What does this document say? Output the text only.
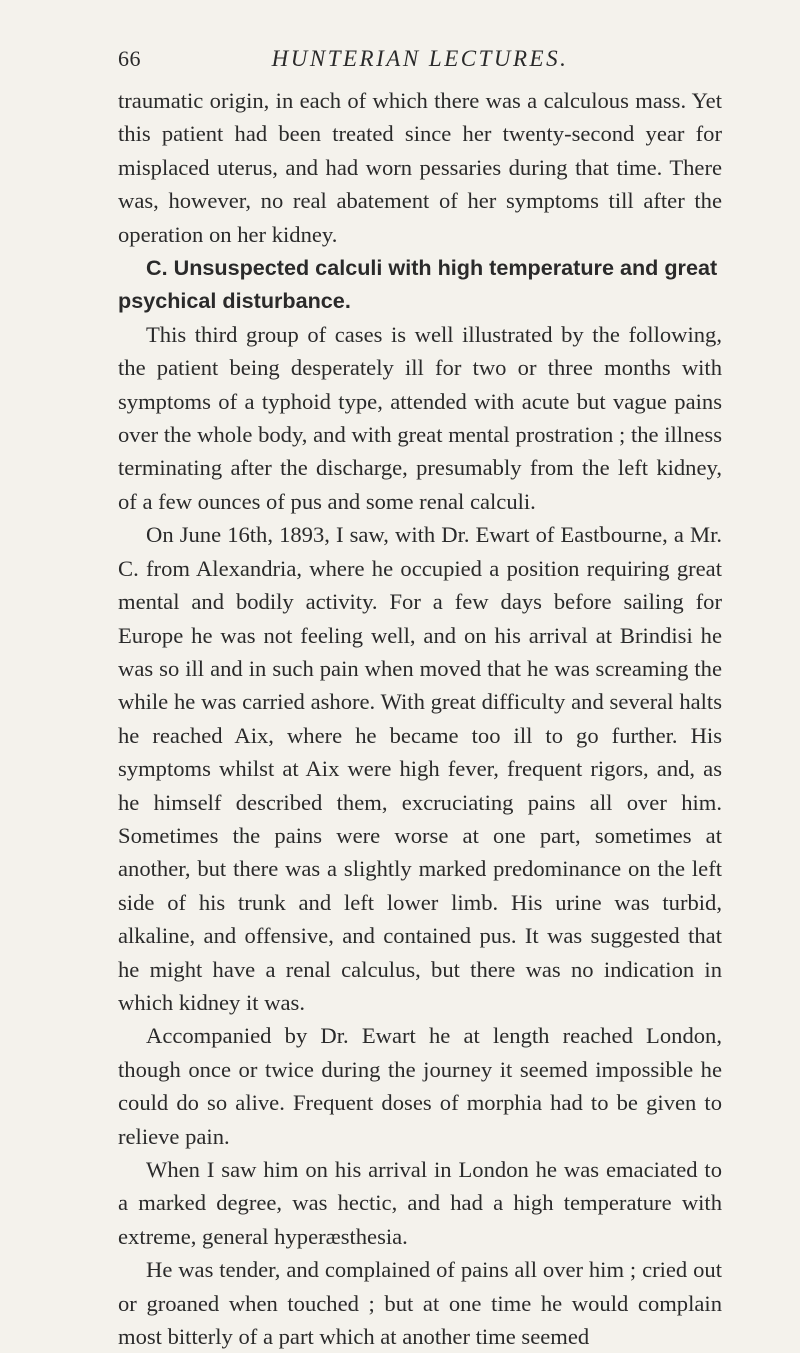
66	HUNTERIAN LECTURES.

traumatic origin, in each of which there was a calculous mass. Yet this patient had been treated since her twenty-second year for misplaced uterus, and had worn pessaries during that time. There was, however, no real abatement of her symptoms till after the operation on her kidney.

C. Unsuspected calculi with high temperature and great psychical disturbance.

This third group of cases is well illustrated by the following, the patient being desperately ill for two or three months with symptoms of a typhoid type, attended with acute but vague pains over the whole body, and with great mental prostration ; the illness terminating after the discharge, presumably from the left kidney, of a few ounces of pus and some renal calculi.

On June 16th, 1893, I saw, with Dr. Ewart of Eastbourne, a Mr. C. from Alexandria, where he occupied a position requiring great mental and bodily activity. For a few days before sailing for Europe he was not feeling well, and on his arrival at Brindisi he was so ill and in such pain when moved that he was screaming the while he was carried ashore. With great difficulty and several halts he reached Aix, where he became too ill to go further. His symptoms whilst at Aix were high fever, frequent rigors, and, as he himself described them, excruciating pains all over him. Sometimes the pains were worse at one part, sometimes at another, but there was a slightly marked predominance on the left side of his trunk and left lower limb. His urine was turbid, alkaline, and offensive, and contained pus. It was suggested that he might have a renal calculus, but there was no indication in which kidney it was.

Accompanied by Dr. Ewart he at length reached London, though once or twice during the journey it seemed impossible he could do so alive. Frequent doses of morphia had to be given to relieve pain.

When I saw him on his arrival in London he was emaciated to a marked degree, was hectic, and had a high temperature with extreme, general hyperæsthesia.

He was tender, and complained of pains all over him ; cried out or groaned when touched ; but at one time he would complain most bitterly of a part which at another time seemed
